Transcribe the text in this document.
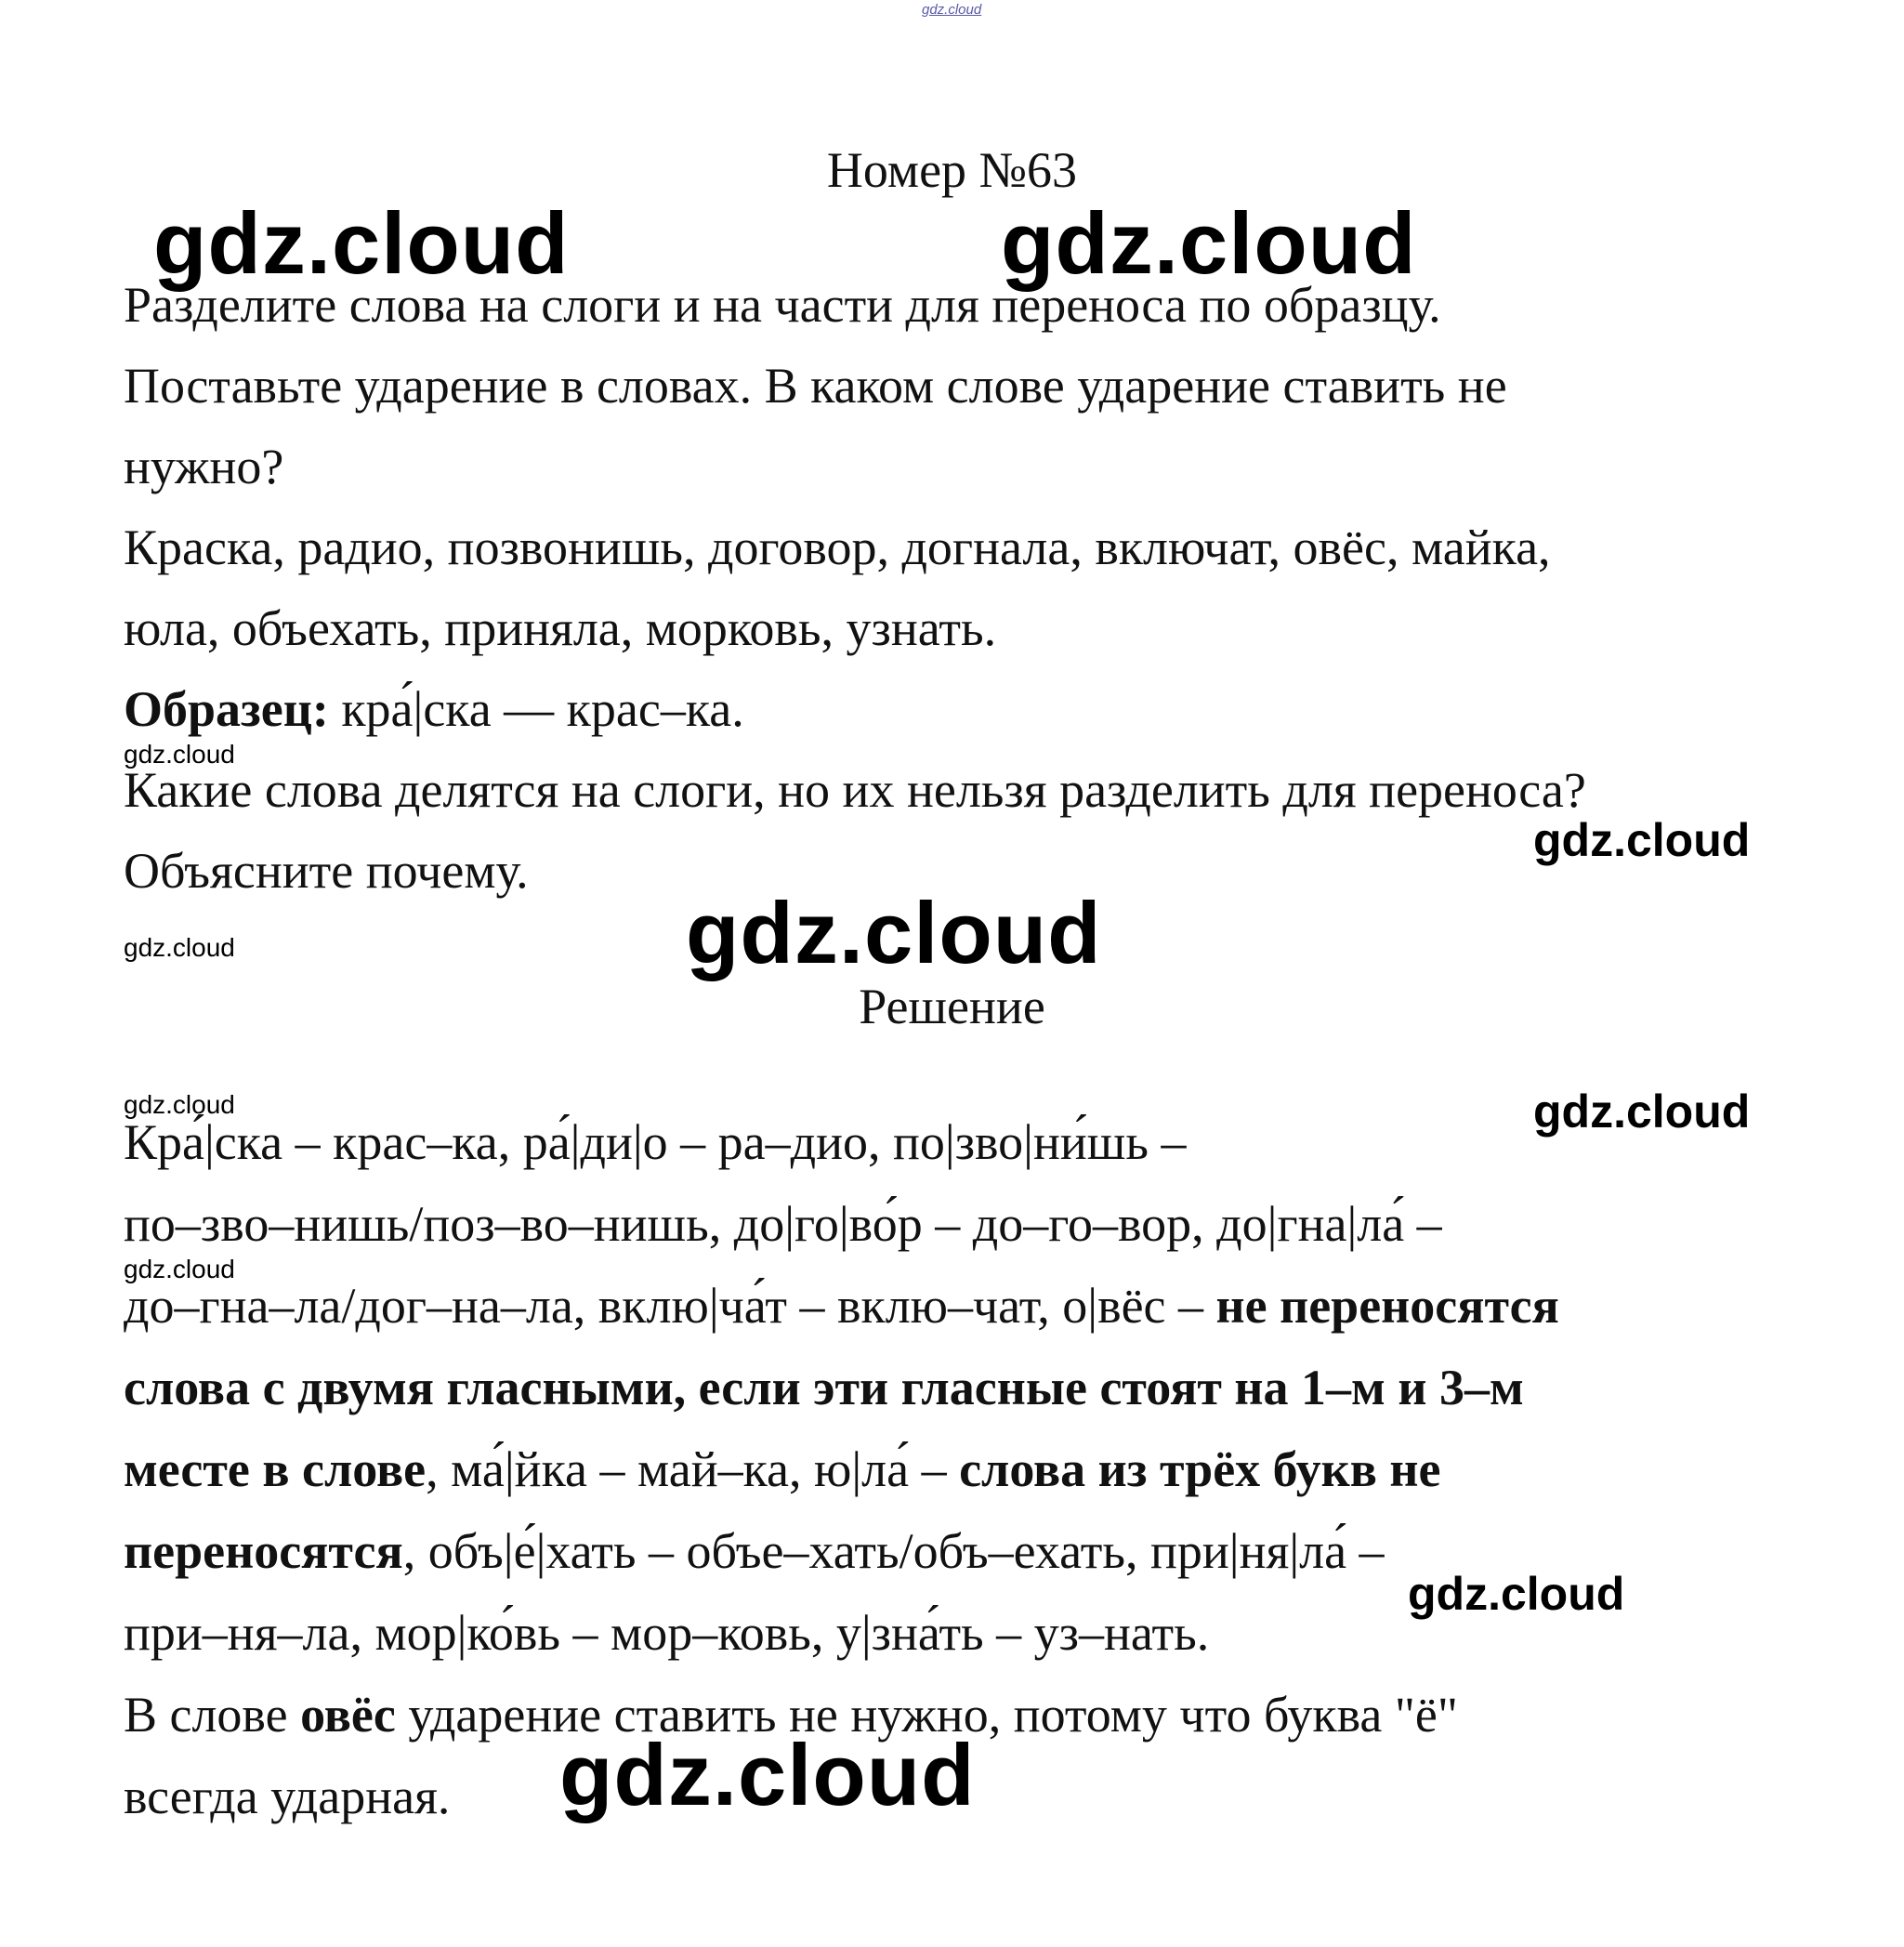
gdz.cloud

Номер №63

Разделите слова на слоги и на части для переноса по образцу.

Поставьте ударение в словах. В каком слове ударение ставить не

нужно?

Краска, радио, позвонишь, договор, догнала, включат, овёс, майка,

юла, объехать, приняла, морковь, узнать.

Образец: кра́|ска — крас–ка.

Какие слова делятся на слоги, но их нельзя разделить для переноса?

Объясните почему.

Решение

Кра́|ска – крас–ка, ра́|ди|о – ра–дио, по|зво|ни́шь –

по–зво–нишь/поз–во–нишь, до|го|во́р – до–го–вор, до|гна|ла́ –

до–гна–ла/дог–на–ла, вклю|ча́т – вклю–чат, о|вёс – не переносятся

слова с двумя гласными, если эти гласные стоят на 1–м и 3–м

месте в слове, ма́|йка – май–ка, ю|ла́ – слова из трёх букв не

переносятся, объ|е́|хать – объе–хать/объ–ехать, при|ня|ла́ –

при–ня–ла, мор|ко́вь – мор–ковь, у|зна́ть – уз–нать.

В слове овёс ударение ставить не нужно, потому что буква "ё"

всегда ударная.

gdz.cloud	gdz.cloud

gdz.cloud

gdz.cloud

gdz.cloud

gdz.cloud

gdz.cloud

gdz.cloud

gdz.cloud

gdz.cloud

gdz.cloud
